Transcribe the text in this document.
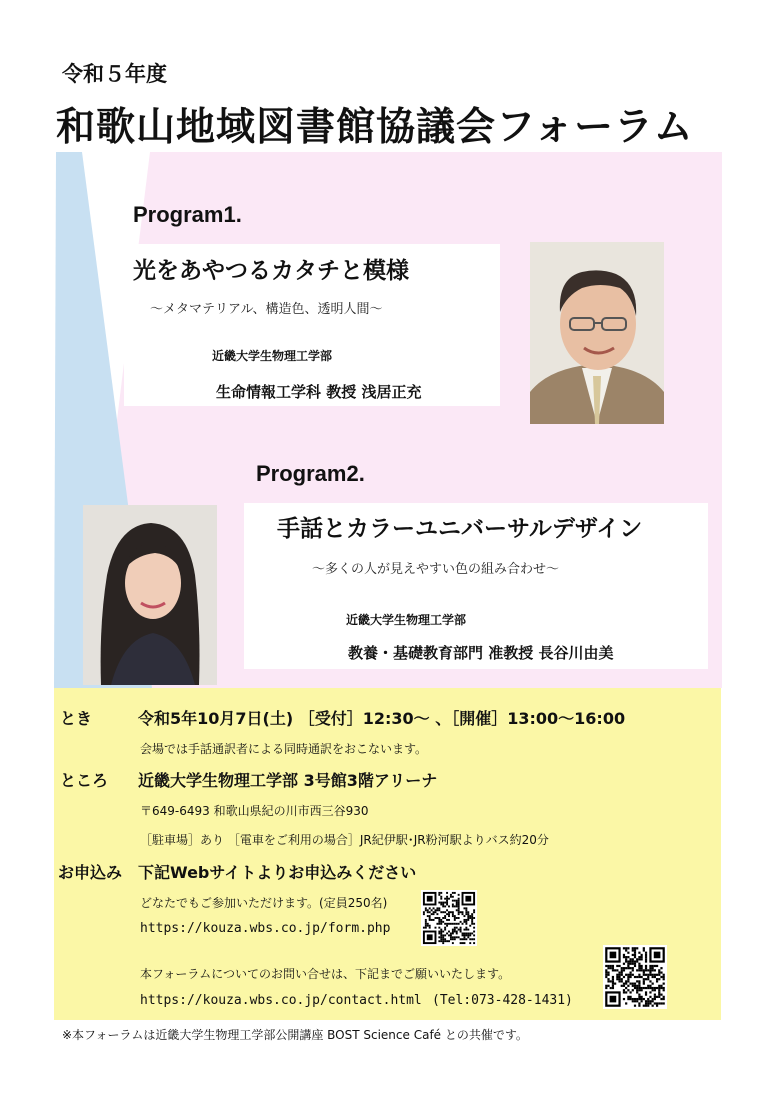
令和５年度
和歌山地域図書館協議会フォーラム
Program1.
光をあやつるカタチと模様
～メタマテリアル、構造色、透明人間～
近畿大学生物理工学部
生命情報工学科 教授 浅居正充
Program2.
手話とカラーユニバーサルデザイン
～多くの人が見えやすい色の組み合わせ～
近畿大学生物理工学部
教養・基礎教育部門 准教授 長谷川由美
とき	令和5年10月7日(土) ［受付］12:30～ 、［開催］13:00～16:00
会場では手話通訳者による同時通訳をおこないます。
ところ 近畿大学生物理工学部 3号館3階アリーナ
〒649-6493 和歌山県紀の川市西三谷930
［駐車場］あり ［電車をご利用の場合］JR紀伊駅･JR粉河駅よりバス約20分
お申込み 下記Webサイトよりお申込みください
どなたでもご参加いただけます。(定員250名)
https://kouza.wbs.co.jp/form.php
本フォーラムについてのお問い合せは、下記までご願いいたします。
https://kouza.wbs.co.jp/contact.html (Tel:073-428-1431)
※本フォーラムは近畿大学生物理工学部公開講座 BOST Science Café との共催です。
